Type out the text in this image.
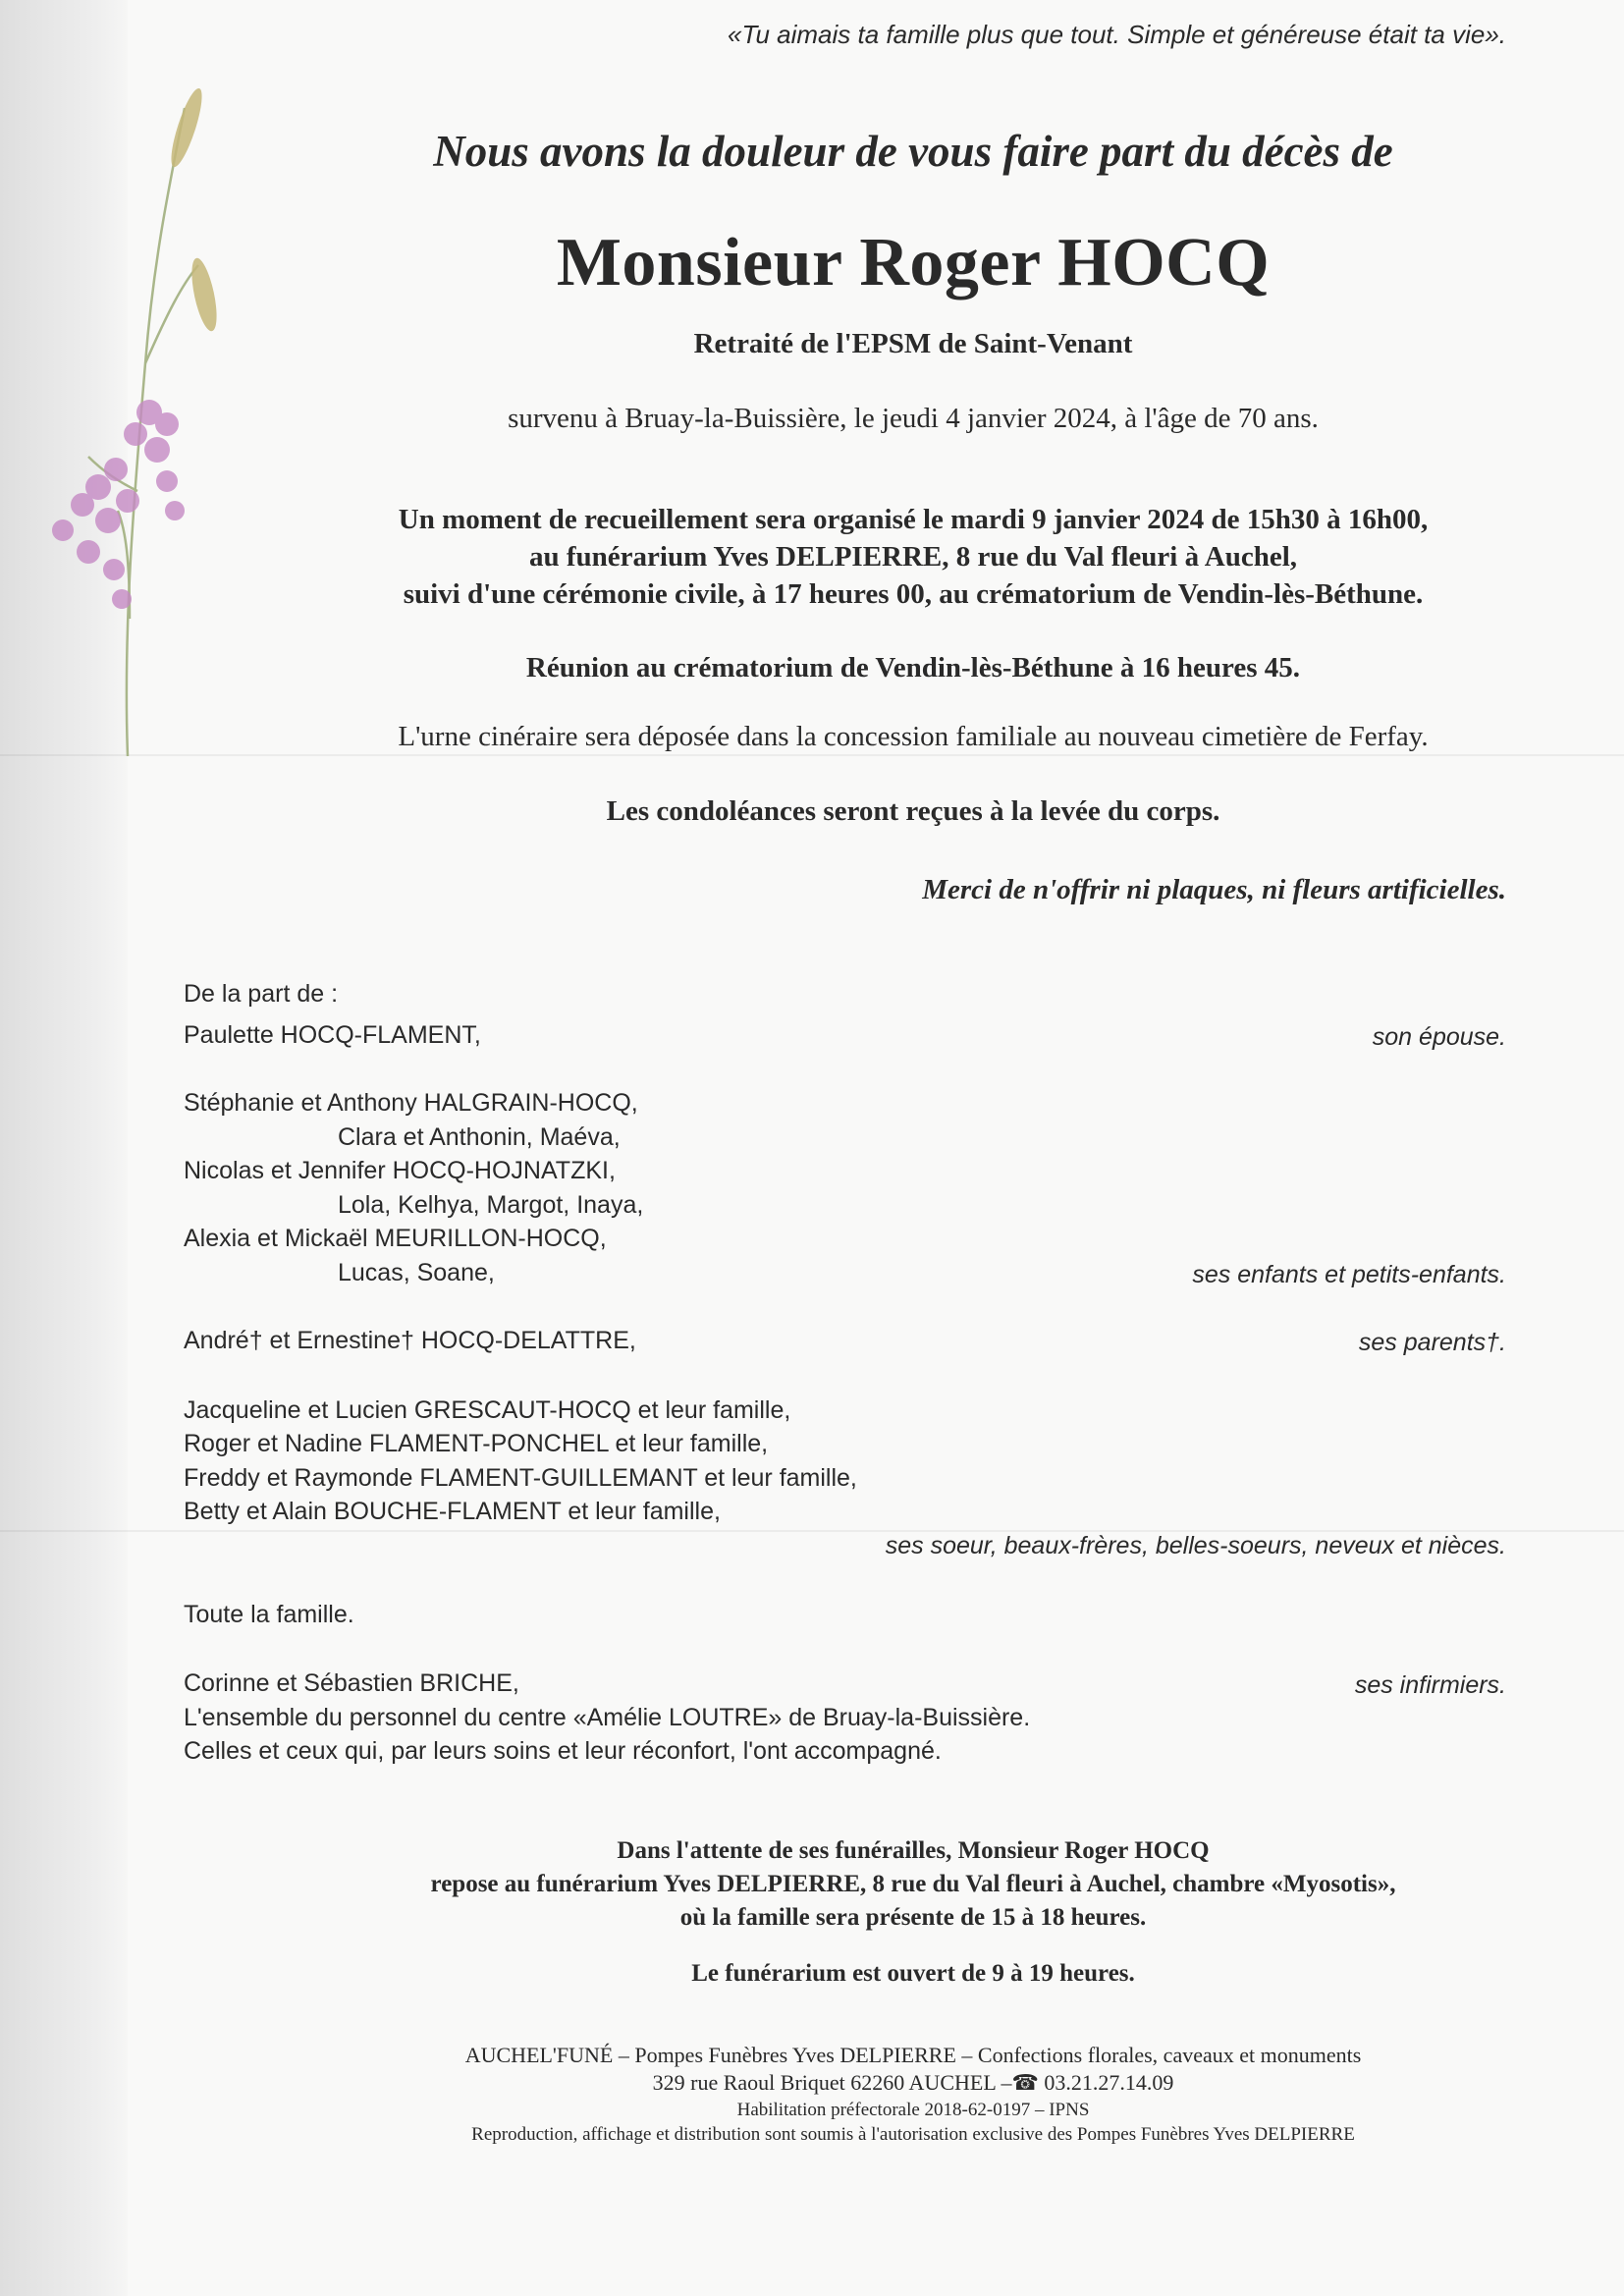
«Tu aimais ta famille plus que tout. Simple et généreuse était ta vie».

Nous avons la douleur de vous faire part du décès de

Monsieur Roger HOCQ

Retraité de l'EPSM de Saint-Venant

survenu à Bruay-la-Buissière, le jeudi 4 janvier 2024, à l'âge de 70 ans.

Un moment de recueillement sera organisé le mardi 9 janvier 2024 de 15h30 à 16h00,
au funérarium Yves DELPIERRE, 8 rue du Val fleuri à Auchel,
suivi d'une cérémonie civile, à 17 heures 00, au crématorium de Vendin-lès-Béthune.

Réunion au crématorium de Vendin-lès-Béthune à 16 heures 45.

L'urne cinéraire sera déposée dans la concession familiale au nouveau cimetière de Ferfay.

Les condoléances seront reçues à la levée du corps.

Merci de n'offrir ni plaques, ni fleurs artificielles.

De la part de :
Paulette HOCQ-FLAMENT,	son épouse.
Stéphanie et Anthony HALGRAIN-HOCQ,
Clara et Anthonin, Maéva,
Nicolas et Jennifer HOCQ-HOJNATZKI,
Lola, Kelhya, Margot, Inaya,
Alexia et Mickaël MEURILLON-HOCQ,
Lucas, Soane,	ses enfants et petits-enfants.
André† et Ernestine† HOCQ-DELATTRE,	ses parents†.
Jacqueline et Lucien GRESCAUT-HOCQ et leur famille,
Roger et Nadine FLAMENT-PONCHEL et leur famille,
Freddy et Raymonde FLAMENT-GUILLEMANT et leur famille,
Betty et Alain BOUCHE-FLAMENT et leur famille,
ses soeur, beaux-frères, belles-soeurs, neveux et nièces.
Toute la famille.
Corinne et Sébastien BRICHE,	ses infirmiers.
L'ensemble du personnel du centre «Amélie LOUTRE» de Bruay-la-Buissière.
Celles et ceux qui, par leurs soins et leur réconfort, l'ont accompagné.
Dans l'attente de ses funérailles, Monsieur Roger HOCQ
repose au funérarium Yves DELPIERRE, 8 rue du Val fleuri à Auchel, chambre «Myosotis»,
où la famille sera présente de 15 à 18 heures.

Le funérarium est ouvert de 9 à 19 heures.

AUCHEL'FUNÉ – Pompes Funèbres Yves DELPIERRE – Confections florales, caveaux et monuments

329 rue Raoul Briquet 62260 AUCHEL –☎ 03.21.27.14.09

Habilitation préfectorale 2018-62-0197 – IPNS

Reproduction, affichage et distribution sont soumis à l'autorisation exclusive des Pompes Funèbres Yves DELPIERRE
